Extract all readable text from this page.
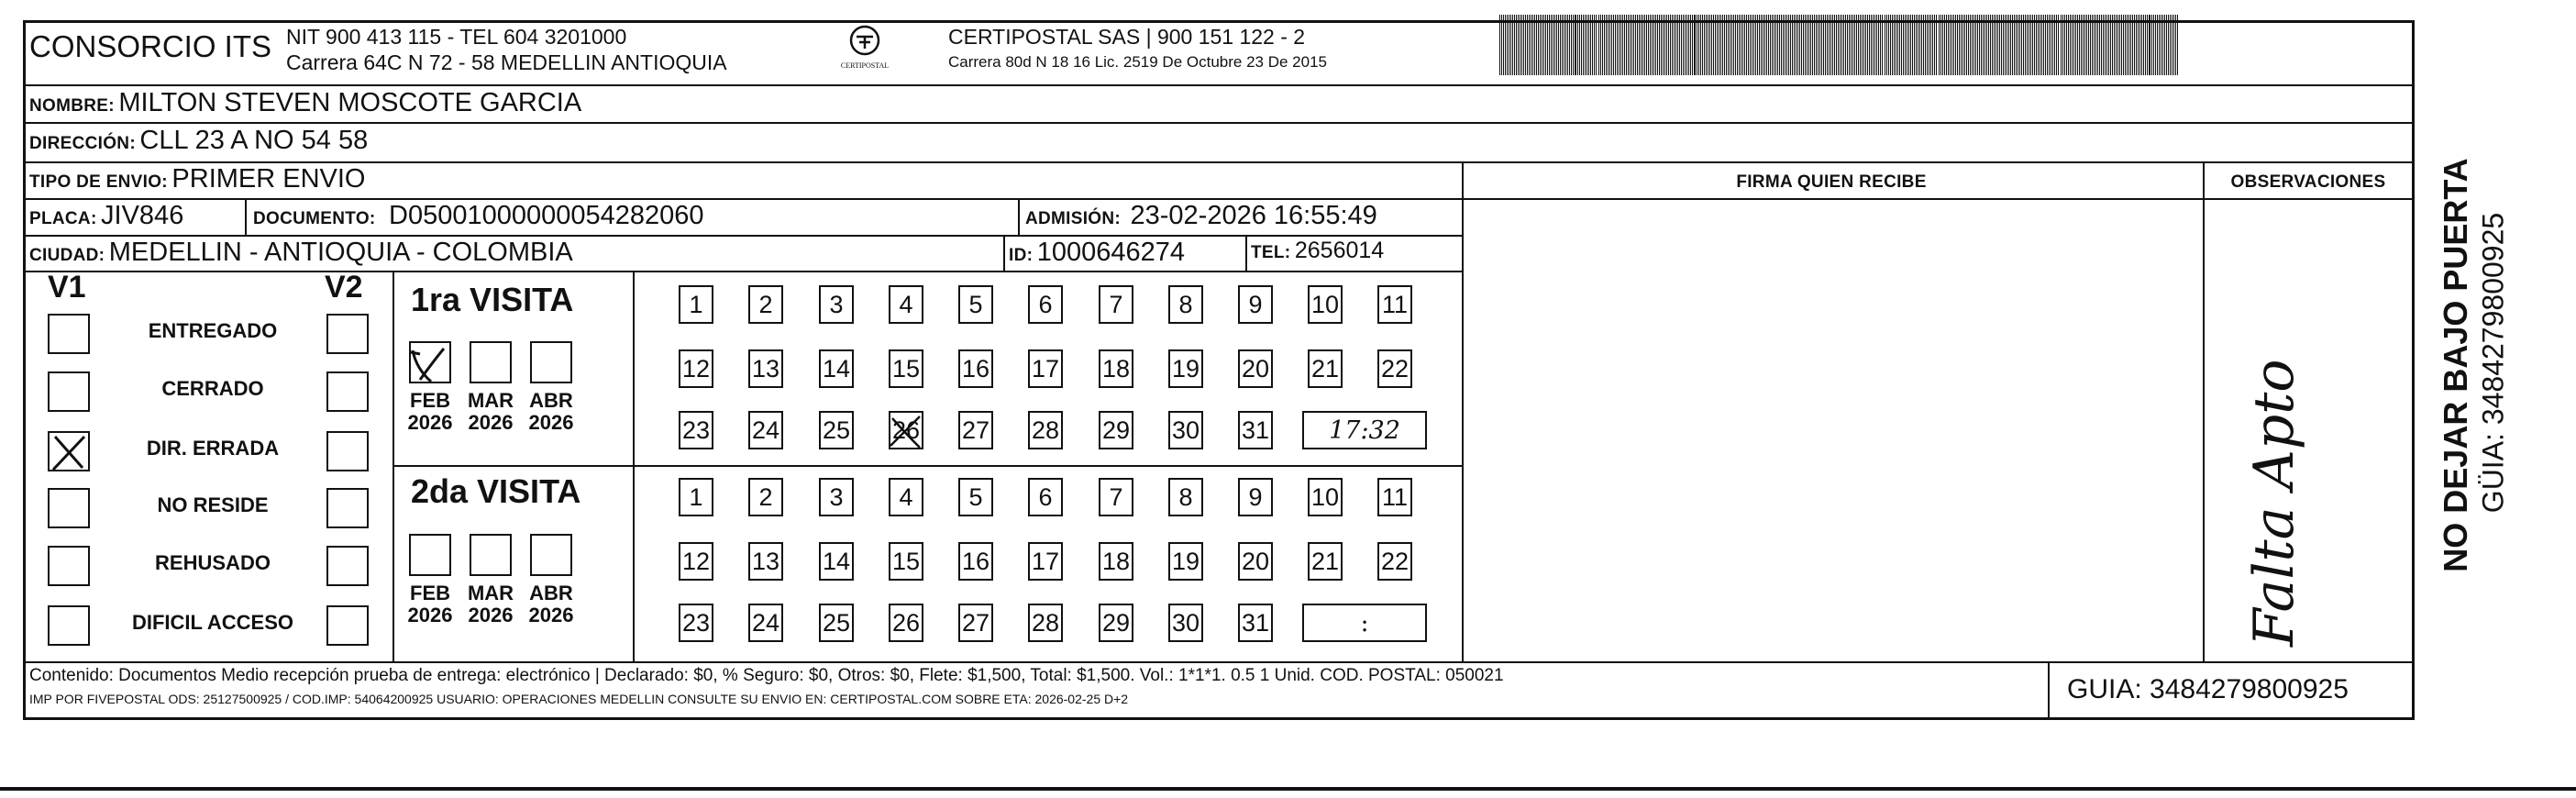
CONSORCIO ITS NIT 900 413 115 - TEL 604 3201000
Carrera 64C N 72 - 58 MEDELLIN ANTIOQUIA	CERTIPOSTAL
CERTIPOSTAL SAS | 900 151 122 - 2
Carrera 80d N 18 16 Lic. 2519 De Octubre 23 De 2015
NOMBRE: MILTON STEVEN MOSCOTE GARCIA
DIRECCIÓN: CLL 23 A NO 54 58
TIPO DE ENVIO: PRIMER ENVIO	FIRMA QUIEN RECIBE	OBSERVACIONES
PLACA: JIV846	DOCUMENTO: D05001000000054282060	ADMISIÓN: 23-02-2026 16:55:49
CIUDAD: MEDELLIN - ANTIOQUIA - COLOMBIA	ID: 1000646274	TEL: 2656014
V1	V2
ENTREGADO
CERRADO
DIR. ERRADA
NO RESIDE
REHUSADO
DIFICIL ACCESO
1ra VISITA
2da VISITA
FEB
2026
MAR
2026
ABR
2026
1	2	3	4	5	6	7	8	9	10 11
12 13 14 15 16 17 18 19 20 21 22
23 24 25 26 27 28 29 30 31	17:32
FEB
2026
MAR
2026
ABR
2026
1	2	3	4	5	6	7	8	9	10 11
12 13 14 15 16 17 18 19 20 21 22
23 24 25 26 27 28 29 30 31	:	Falta Apto
Contenido: Documentos Medio recepción prueba de entrega: electrónico | Declarado: $0, % Seguro: $0, Otros: $0, Flete: $1,500, Total: $1,500. Vol.: 1*1*1. 0.5 1 Unid. COD. POSTAL: 050021
IMP POR FIVEPOSTAL ODS: 25127500925 / COD.IMP: 54064200925 USUARIO: OPERACIONES MEDELLIN CONSULTE SU ENVIO EN: CERTIPOSTAL.COM SOBRE ETA: 2026-02-25 D+2	GUIA: 3484279800925
NO DEJAR BAJO PUERTA GÜIA: 3484279800925
